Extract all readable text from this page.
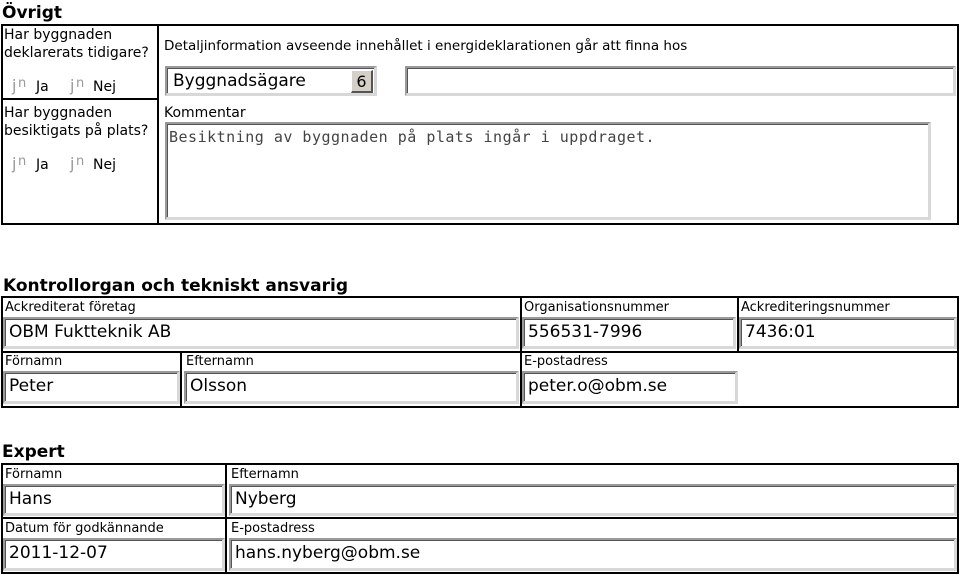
Övrigt
Har byggnaden
deklarerats tidigare?
j n Ja j n Nej
Har byggnaden
besiktigats på plats?
j n Ja j n Nej
Detaljinformation avseende innehållet i energideklarationen går att finna hos
Byggnadsägare	6
Kommentar
Besiktning av byggnaden på plats ingår i uppdraget.
Kontrollorgan och tekniskt ansvarig
Ackrediterat företag
OBM Fuktteknik AB
Organisationsnummer
556531-7996
Ackrediteringsnummer
7436:01
Förnamn
Peter
Efternamn
Olsson
E-postadress
peter.o@obm.se
Expert
Förnamn
Hans
Efternamn
Nyberg
Datum för godkännande
2011-12-07
E-postadress
hans.nyberg@obm.se
